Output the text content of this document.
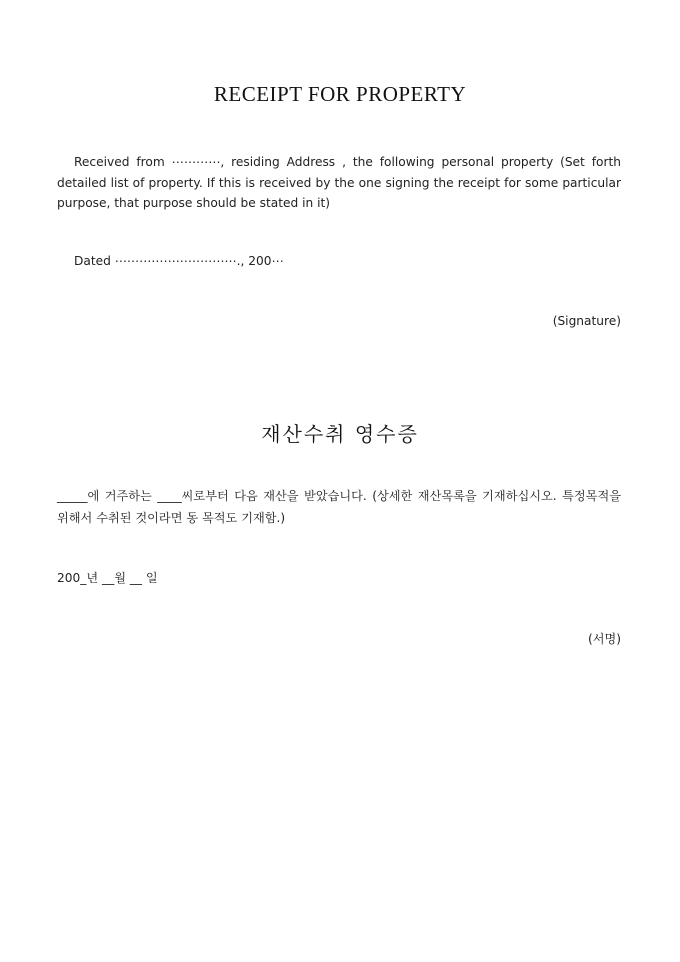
RECEIPT FOR PROPERTY
Received from ⋯⋯⋯⋯, residing Address , the following personal property (Set forth detailed list of property. If this is received by the one signing the receipt for some particular purpose, that purpose should be stated in it)
Dated ⋯⋯⋯⋯⋯⋯⋯⋯⋯⋯., 200⋯
(Signature)
재산수취 영수증
_____에 거주하는 ____씨로부터 다음 재산을 받았습니다. (상세한 재산목록을 기재하십시오. 특정목적을 위해서 수취된 것이라면 동 목적도 기재함.)
200_년 __월 __ 일
(서명)
